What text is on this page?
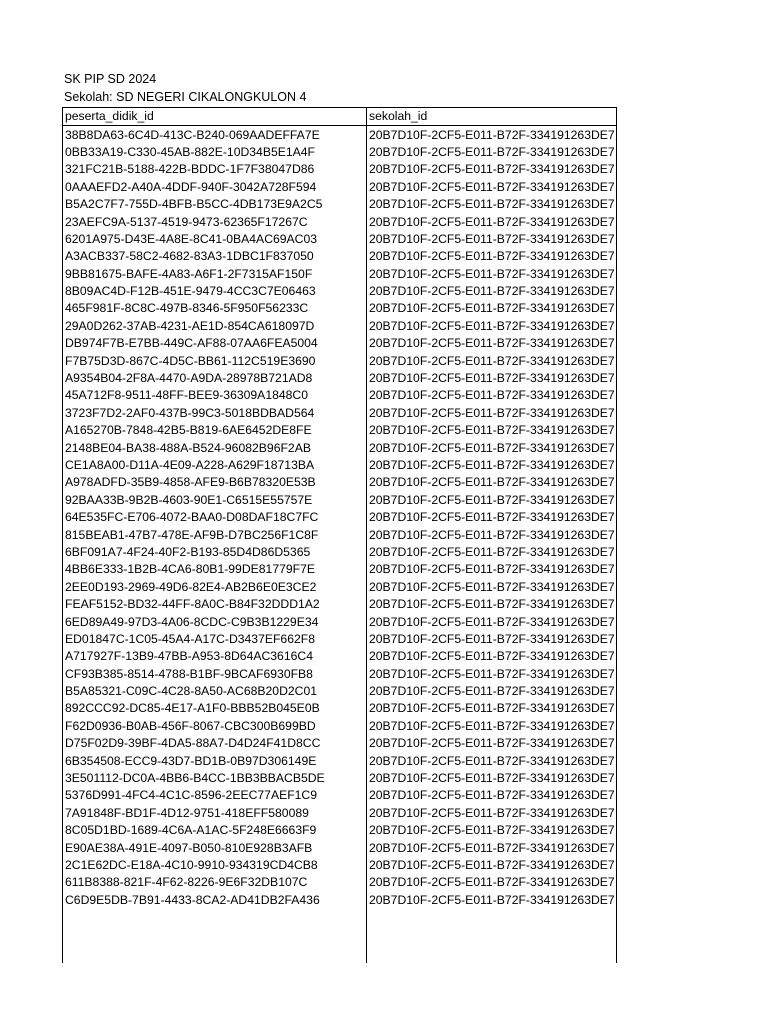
SK PIP SD 2024
Sekolah: SD NEGERI CIKALONGKULON 4
peserta_didik_id	sekolah_id
38B8DA63-6C4D-413C-B240-069AADEFFA7E	20B7D10F-2CF5-E011-B72F-334191263DE7
0BB33A19-C330-45AB-882E-10D34B5E1A4F	20B7D10F-2CF5-E011-B72F-334191263DE7
321FC21B-5188-422B-BDDC-1F7F38047D86	20B7D10F-2CF5-E011-B72F-334191263DE7
0AAAEFD2-A40A-4DDF-940F-3042A728F594	20B7D10F-2CF5-E011-B72F-334191263DE7
B5A2C7F7-755D-4BFB-B5CC-4DB173E9A2C5	20B7D10F-2CF5-E011-B72F-334191263DE7
23AEFC9A-5137-4519-9473-62365F17267C	20B7D10F-2CF5-E011-B72F-334191263DE7
6201A975-D43E-4A8E-8C41-0BA4AC69AC03	20B7D10F-2CF5-E011-B72F-334191263DE7
A3ACB337-58C2-4682-83A3-1DBC1F837050	20B7D10F-2CF5-E011-B72F-334191263DE7
9BB81675-BAFE-4A83-A6F1-2F7315AF150F	20B7D10F-2CF5-E011-B72F-334191263DE7
8B09AC4D-F12B-451E-9479-4CC3C7E06463	20B7D10F-2CF5-E011-B72F-334191263DE7
465F981F-8C8C-497B-8346-5F950F56233C	20B7D10F-2CF5-E011-B72F-334191263DE7
29A0D262-37AB-4231-AE1D-854CA618097D	20B7D10F-2CF5-E011-B72F-334191263DE7
DB974F7B-E7BB-449C-AF88-07AA6FEA5004	20B7D10F-2CF5-E011-B72F-334191263DE7
F7B75D3D-867C-4D5C-BB61-112C519E3690	20B7D10F-2CF5-E011-B72F-334191263DE7
A9354B04-2F8A-4470-A9DA-28978B721AD8	20B7D10F-2CF5-E011-B72F-334191263DE7
45A712F8-9511-48FF-BEE9-36309A1848C0	20B7D10F-2CF5-E011-B72F-334191263DE7
3723F7D2-2AF0-437B-99C3-5018BDBAD564	20B7D10F-2CF5-E011-B72F-334191263DE7
A165270B-7848-42B5-B819-6AE6452DE8FE	20B7D10F-2CF5-E011-B72F-334191263DE7
2148BE04-BA38-488A-B524-96082B96F2AB	20B7D10F-2CF5-E011-B72F-334191263DE7
CE1A8A00-D11A-4E09-A228-A629F18713BA	20B7D10F-2CF5-E011-B72F-334191263DE7
A978ADFD-35B9-4858-AFE9-B6B78320E53B	20B7D10F-2CF5-E011-B72F-334191263DE7
92BAA33B-9B2B-4603-90E1-C6515E55757E	20B7D10F-2CF5-E011-B72F-334191263DE7
64E535FC-E706-4072-BAA0-D08DAF18C7FC	20B7D10F-2CF5-E011-B72F-334191263DE7
815BEAB1-47B7-478E-AF9B-D7BC256F1C8F	20B7D10F-2CF5-E011-B72F-334191263DE7
6BF091A7-4F24-40F2-B193-85D4D86D5365	20B7D10F-2CF5-E011-B72F-334191263DE7
4BB6E333-1B2B-4CA6-80B1-99DE81779F7E	20B7D10F-2CF5-E011-B72F-334191263DE7
2EE0D193-2969-49D6-82E4-AB2B6E0E3CE2	20B7D10F-2CF5-E011-B72F-334191263DE7
FEAF5152-BD32-44FF-8A0C-B84F32DDD1A2	20B7D10F-2CF5-E011-B72F-334191263DE7
6ED89A49-97D3-4A06-8CDC-C9B3B1229E34	20B7D10F-2CF5-E011-B72F-334191263DE7
ED01847C-1C05-45A4-A17C-D3437EF662F8	20B7D10F-2CF5-E011-B72F-334191263DE7
A717927F-13B9-47BB-A953-8D64AC3616C4	20B7D10F-2CF5-E011-B72F-334191263DE7
CF93B385-8514-4788-B1BF-9BCAF6930FB8	20B7D10F-2CF5-E011-B72F-334191263DE7
B5A85321-C09C-4C28-8A50-AC68B20D2C01	20B7D10F-2CF5-E011-B72F-334191263DE7
892CCC92-DC85-4E17-A1F0-BBB52B045E0B	20B7D10F-2CF5-E011-B72F-334191263DE7
F62D0936-B0AB-456F-8067-CBC300B699BD	20B7D10F-2CF5-E011-B72F-334191263DE7
D75F02D9-39BF-4DA5-88A7-D4D24F41D8CC	20B7D10F-2CF5-E011-B72F-334191263DE7
6B354508-ECC9-43D7-BD1B-0B97D306149E	20B7D10F-2CF5-E011-B72F-334191263DE7
3E501112-DC0A-4BB6-B4CC-1BB3BBACB5DE	20B7D10F-2CF5-E011-B72F-334191263DE7
5376D991-4FC4-4C1C-8596-2EEC77AEF1C9	20B7D10F-2CF5-E011-B72F-334191263DE7
7A91848F-BD1F-4D12-9751-418EFF580089	20B7D10F-2CF5-E011-B72F-334191263DE7
8C05D1BD-1689-4C6A-A1AC-5F248E6663F9	20B7D10F-2CF5-E011-B72F-334191263DE7
E90AE38A-491E-4097-B050-810E928B3AFB	20B7D10F-2CF5-E011-B72F-334191263DE7
2C1E62DC-E18A-4C10-9910-934319CD4CB8	20B7D10F-2CF5-E011-B72F-334191263DE7
611B8388-821F-4F62-8226-9E6F32DB107C	20B7D10F-2CF5-E011-B72F-334191263DE7
C6D9E5DB-7B91-4433-8CA2-AD41DB2FA436	20B7D10F-2CF5-E011-B72F-334191263DE7
